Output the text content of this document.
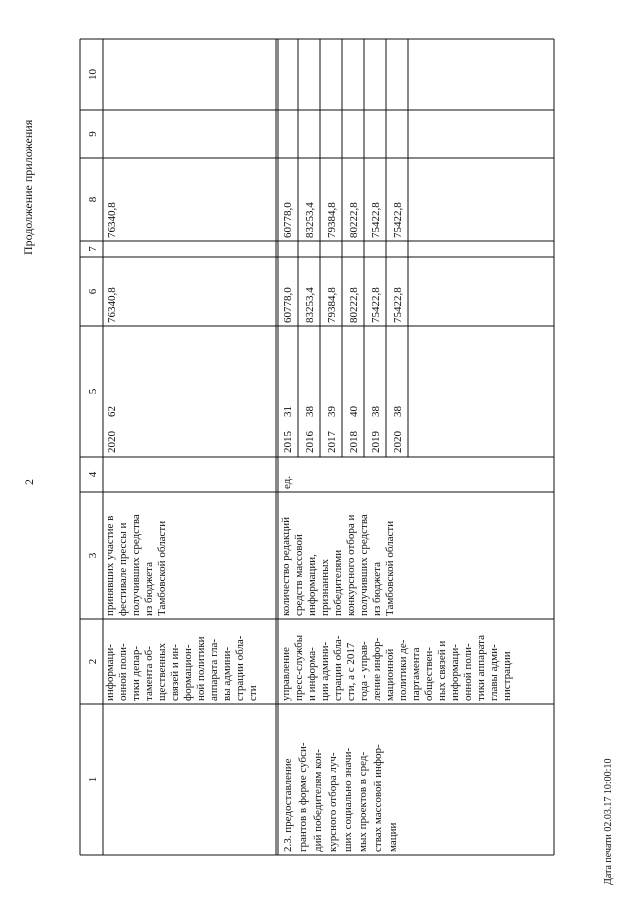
2
Продолжение приложения
1
2
3
4
5
6
7
8
9
10
информаци- онной поли- тики депар- тамента об- щественных связей и ин- формацион- ной политики аппарата гла- вы админи- страции обла- сти
принявших участие в фестивале прессы и получивших средства из бюджета Тамбовской области
2020
62
76340,8
76340,8
2.3. предоставление грантов в форме субси- дий победителям кон- курсного отбора луч- ших социально значи- мых проектов в сред- ствах массовой инфор- мации
управление пресс-службы и информа- ции админи- страции обла- сти, а с 2017 года - управ- ление инфор- мационной политики де- партамента обществен- ных связей и информаци- онной поли- тики аппарата главы адми- нистрации
количество редакций средств массовой информации, признанных победителями конкурсного отбора и получивших средства из бюджета Тамбовской области
ед.
2015
31
60778,0
60778,0
2016
38
83253,4
83253,4
2017
39
79384,8
79384,8
2018
40
80222,8
80222,8
2019
38
75422,8
75422,8
2020
38
75422,8
75422,8
Дата печати 02.03.17 10:00:10
